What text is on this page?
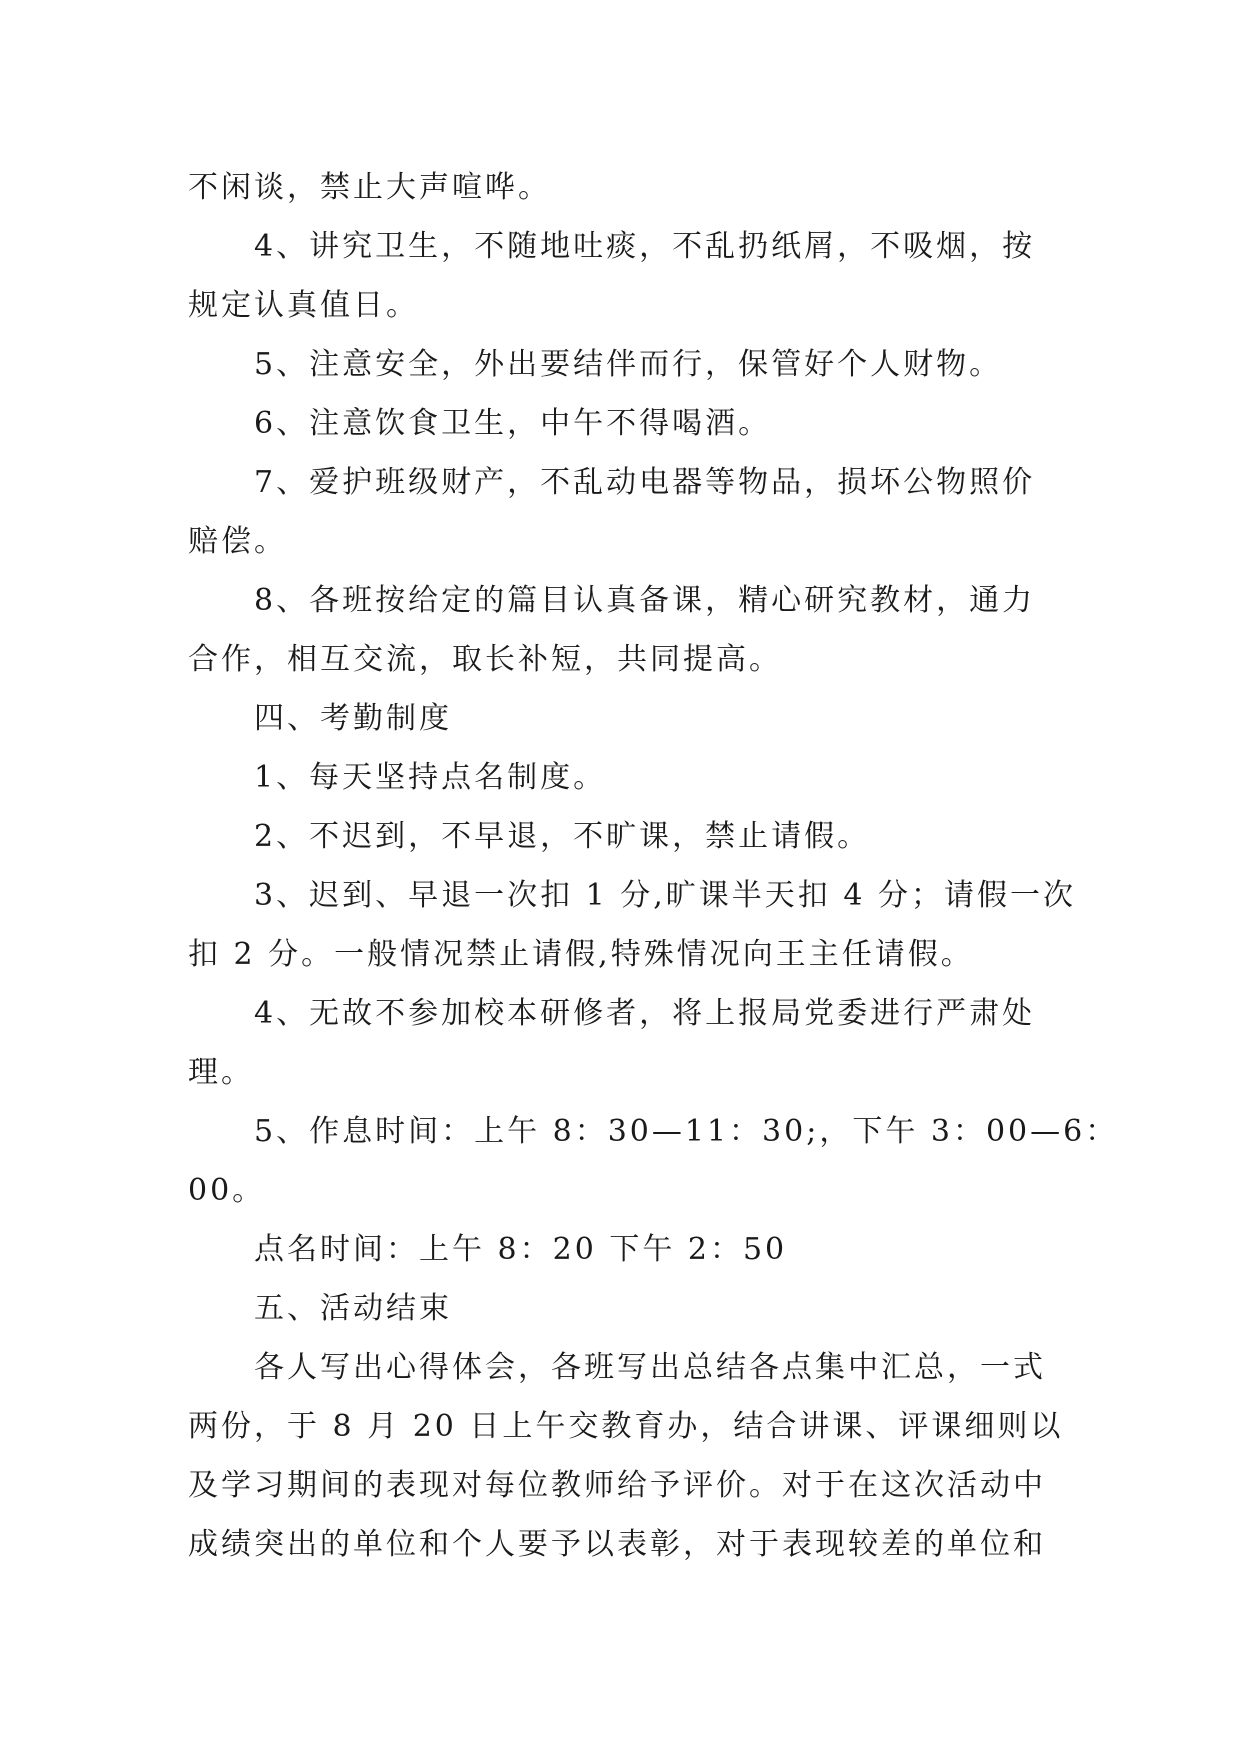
不闲谈，禁止大声喧哗。
4、讲究卫生，不随地吐痰，不乱扔纸屑，不吸烟，按
规定认真值日。
5、注意安全，外出要结伴而行，保管好个人财物。
6、注意饮食卫生，中午不得喝酒。
7、爱护班级财产，不乱动电器等物品，损坏公物照价
赔偿。
8、各班按给定的篇目认真备课，精心研究教材，通力
合作，相互交流，取长补短，共同提高。
四、考勤制度
1、每天坚持点名制度。
2、不迟到，不早退，不旷课，禁止请假。
3、迟到、早退一次扣 1 分,旷课半天扣 4 分；请假一次
扣 2 分。一般情况禁止请假,特殊情况向王主任请假。
4、无故不参加校本研修者，将上报局党委进行严肃处
理。
5、作息时间：上午 8：30—11：30;，下午 3：00—6：
00。
点名时间：上午 8：20 下午 2：50
五、活动结束
各人写出心得体会，各班写出总结各点集中汇总，一式
两份，于 8 月 20 日上午交教育办，结合讲课、评课细则以
及学习期间的表现对每位教师给予评价。对于在这次活动中
成绩突出的单位和个人要予以表彰，对于表现较差的单位和
